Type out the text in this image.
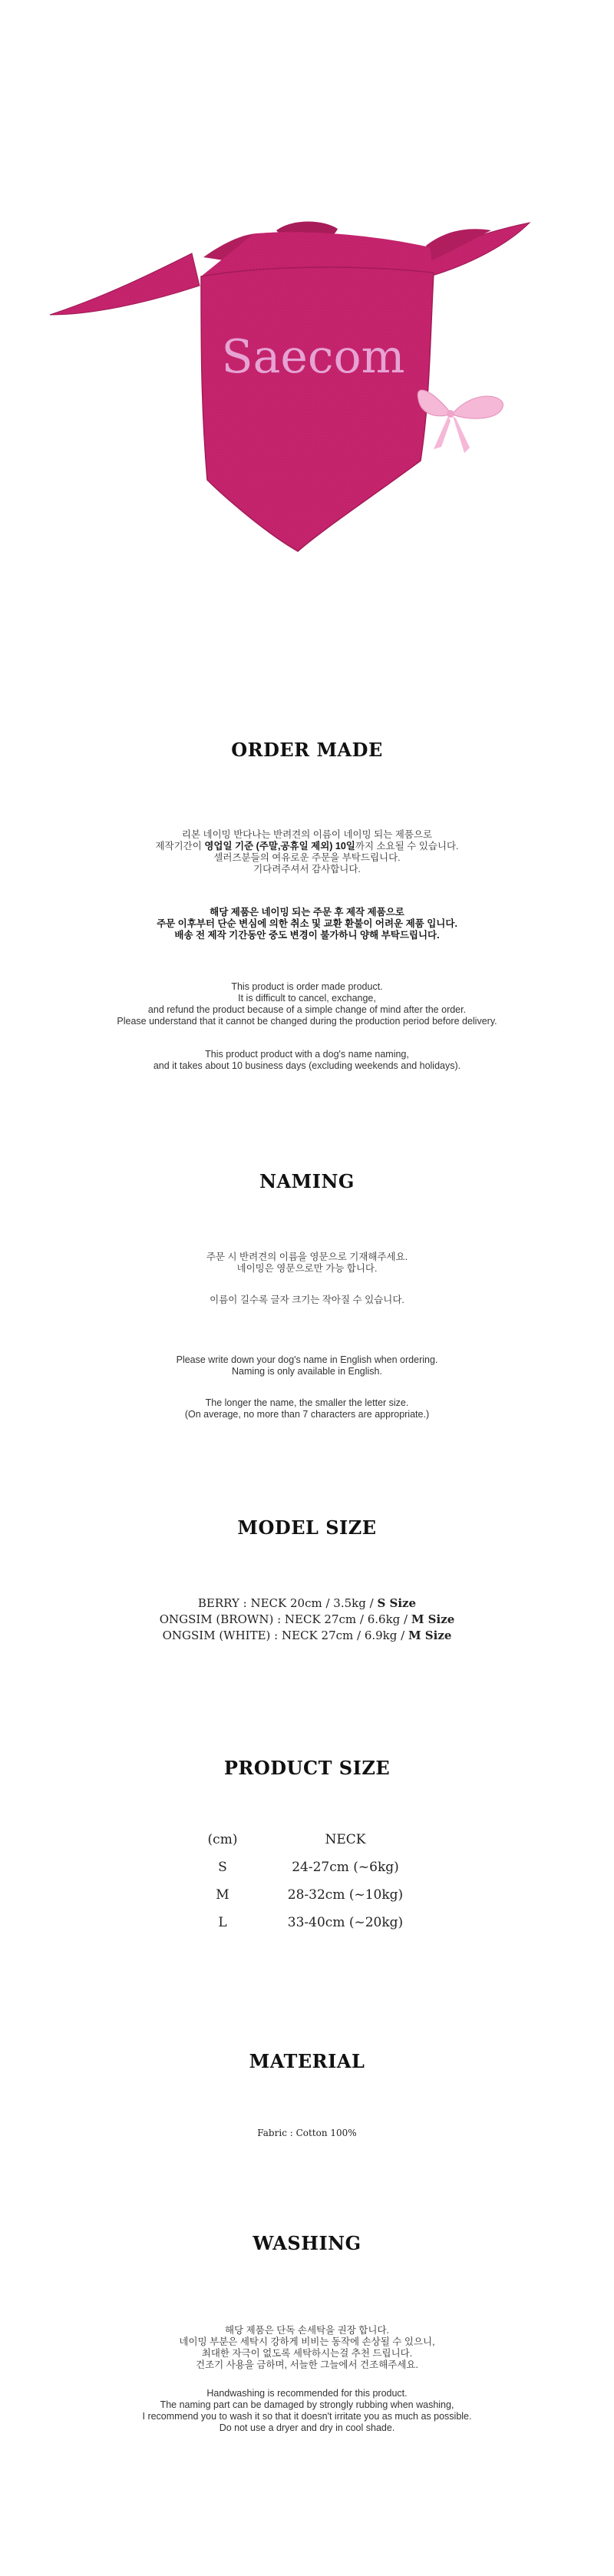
Saecom
ORDER MADE
리본 네이밍 반다나는 반려견의 이름이 네이밍 되는 제품으로
제작기간이 영업일 기준 (주말,공휴일 제외) 10일까지 소요될 수 있습니다.
셀러즈분들의 여유로운 주문을 부탁드립니다.
기다려주셔서 감사합니다.
해당 제품은 네이밍 되는 주문 후 제작 제품으로
주문 이후부터 단순 변심에 의한 취소 및 교환 환불이 어려운 제품 입니다.
배송 전 제작 기간동안 중도 변경이 불가하니 양해 부탁드립니다.
This product is order made product.
It is difficult to cancel, exchange,
and refund the product because of a simple change of mind after the order.
Please understand that it cannot be changed during the production period before delivery.
This product product with a dog's name naming,
and it takes about 10 business days (excluding weekends and holidays).
NAMING
주문 시 반려견의 이름을 영문으로 기재해주세요.
네이밍은 영문으로만 가능 합니다.
이름이 길수록 글자 크기는 작아질 수 있습니다.
Please write down your dog's name in English when ordering.
Naming is only available in English.
The longer the name, the smaller the letter size.
(On average, no more than 7 characters are appropriate.)
MODEL SIZE
BERRY : NECK 20cm / 3.5kg / S Size
ONGSIM (BROWN) : NECK 27cm / 6.6kg / M Size
ONGSIM (WHITE) : NECK 27cm / 6.9kg / M Size
PRODUCT SIZE
(cm)	NECK
S	24-27cm (~6kg)
M	28-32cm (~10kg)
L	33-40cm (~20kg)
MATERIAL
Fabric : Cotton 100%
WASHING
해당 제품은 단독 손세탁을 권장 합니다.
네이밍 부분은 세탁시 강하게 비비는 동작에 손상될 수 있으니,
최대한 자극이 없도록 세탁하시는걸 추천 드립니다.
건조기 사용을 금하며, 서늘한 그늘에서 건조해주세요.
Handwashing is recommended for this product.
The naming part can be damaged by strongly rubbing when washing,
I recommend you to wash it so that it doesn't irritate you as much as possible.
Do not use a dryer and dry in cool shade.
